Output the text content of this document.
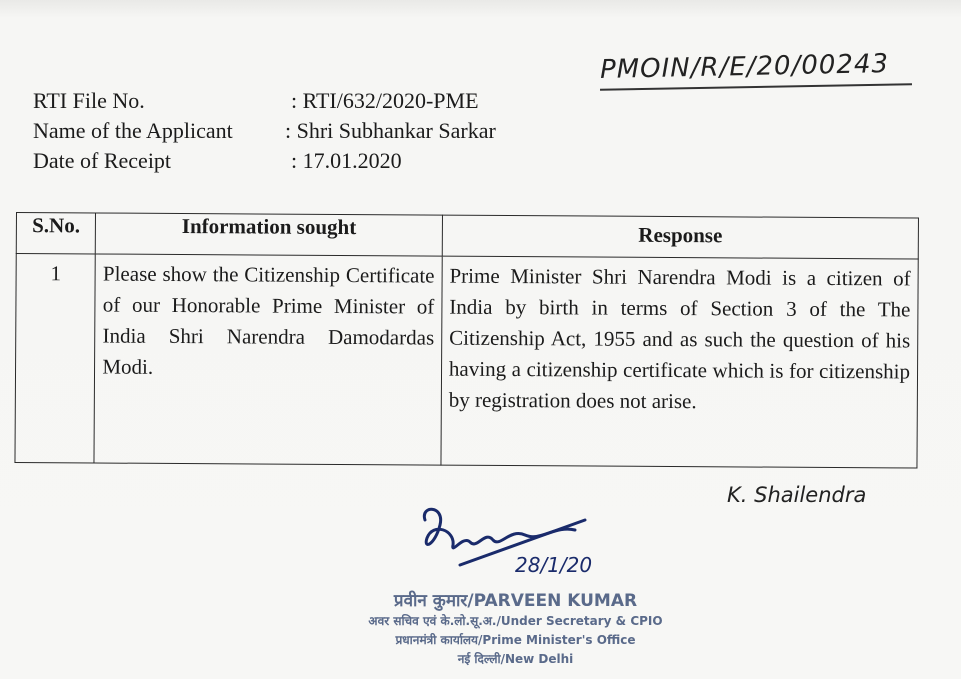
PMOIN/R/E/20/00243
RTI File No.	: RTI/632/2020-PME
Name of the Applicant : Shri Subhankar Sarkar
Date of Receipt	: 17.01.2020
S.No.	Information sought	Response
1	Please show the Citizenship Certificate of our Honorable Prime Minister of India Shri Narendra Damodardas Modi.	Prime Minister Shri Narendra Modi is a citizen of India by birth in terms of Section 3 of the The Citizenship Act, 1955 and as such the question of his having a citizenship certificate which is for citizenship by registration does not arise.
K. Shailendra
28/1/20
प्रवीन कुमार/PARVEEN KUMAR
अवर सचिव एवं के.लो.सू.अ./Under Secretary & CPIO
प्रधानमंत्री कार्यालय/Prime Minister's Office
नई दिल्ली/New Delhi
